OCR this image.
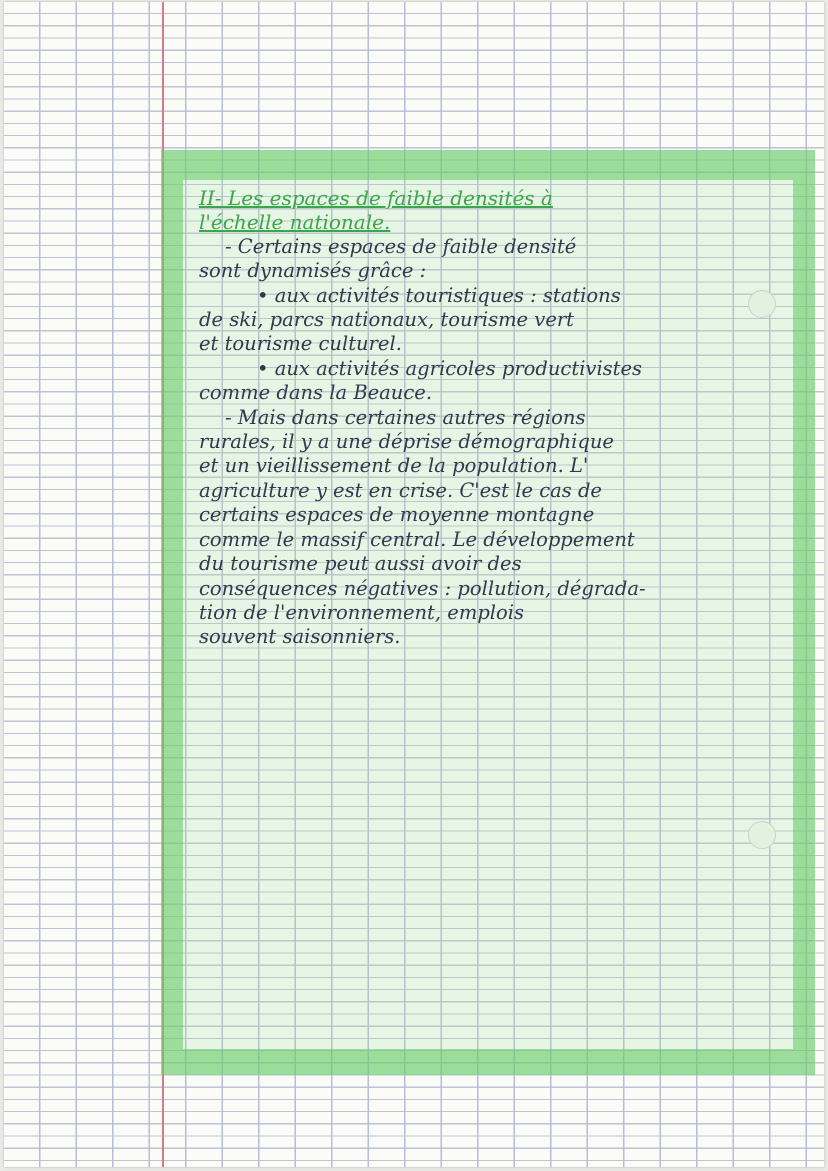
II- Les espaces de faible densités à

l'échelle nationale.

- Certains espaces de faible densité

sont dynamisés grâce :

• aux activités touristiques : stations

de ski, parcs nationaux, tourisme vert

et tourisme culturel.

• aux activités agricoles productivistes

comme dans la Beauce.

- Mais dans certaines autres régions

rurales, il y a une déprise démographique

et un vieillissement de la population. L'

agriculture y est en crise. C'est le cas de

certains espaces de moyenne montagne

comme le massif central. Le développement

du tourisme peut aussi avoir des

conséquences négatives : pollution, dégrada-

tion de l'environnement, emplois

souvent saisonniers.
